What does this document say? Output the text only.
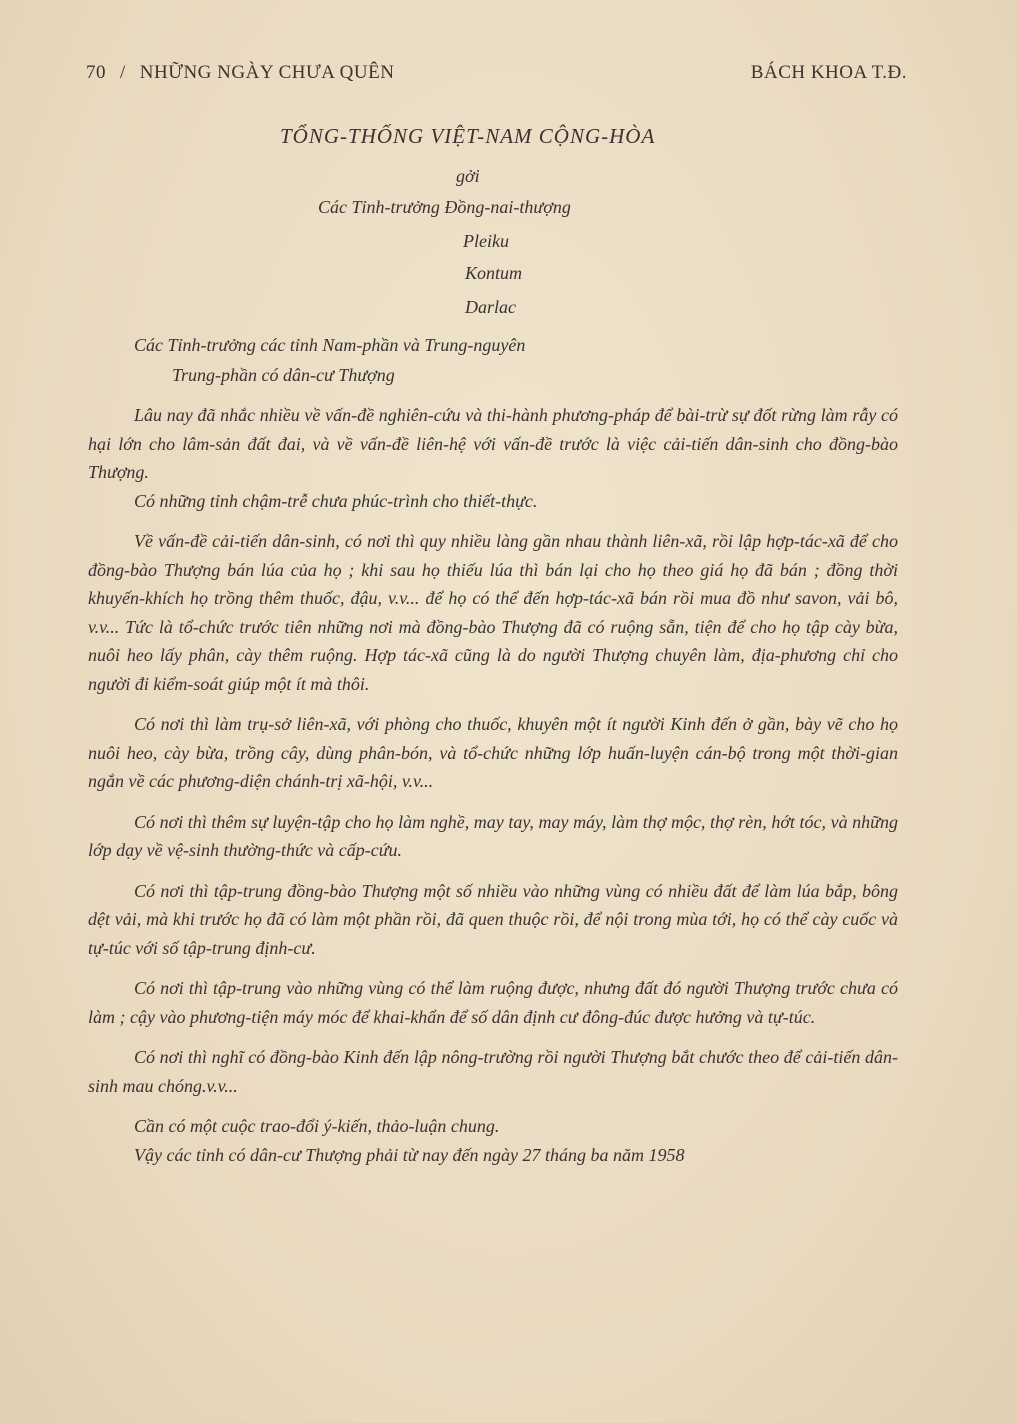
70 / NHỮNG NGÀY CHƯA QUÊN	BÁCH KHOA T.Đ.
TỔNG-THỐNG VIỆT-NAM CỘNG-HÒA
gởi
Các Tỉnh-trưởng Đồng-nai-thượng
Pleiku
Kontum
Darlac
Các Tỉnh-trưởng các tỉnh Nam-phần và Trung-nguyên
Trung-phần có dân-cư Thượng

Lâu nay đã nhắc nhiều về vấn-đề nghiên-cứu và thi-hành phương-pháp để bài-trừ sự đốt rừng làm rẫy có hại lớn cho lâm-sản đất đai, và về vấn-đề liên-hệ với vấn-đề trước là việc cải-tiến dân-sinh cho đồng-bào Thượng.

Có những tỉnh chậm-trễ chưa phúc-trình cho thiết-thực.

Về vấn-đề cải-tiến dân-sinh, có nơi thì quy nhiều làng gần nhau thành liên-xã, rồi lập hợp-tác-xã để cho đồng-bào Thượng bán lúa của họ ; khi sau họ thiếu lúa thì bán lại cho họ theo giá họ đã bán ; đồng thời khuyến-khích họ trồng thêm thuốc, đậu, v.v... để họ có thể đến hợp-tác-xã bán rồi mua đồ như savon, vải bô, v.v... Tức là tổ-chức trước tiên những nơi mà đồng-bào Thượng đã có ruộng sẵn, tiện để cho họ tập cày bừa, nuôi heo lấy phân, cày thêm ruộng. Hợp tác-xã cũng là do người Thượng chuyên làm, địa-phương chỉ cho người đi kiểm-soát giúp một ít mà thôi.

Có nơi thì làm trụ-sở liên-xã, với phòng cho thuốc, khuyên một ít người Kinh đến ở gần, bày vẽ cho họ nuôi heo, cày bừa, trồng cây, dùng phân-bón, và tổ-chức những lớp huấn-luyện cán-bộ trong một thời-gian ngắn về các phương-diện chánh-trị xã-hội, v.v...

Có nơi thì thêm sự luyện-tập cho họ làm nghề, may tay, may máy, làm thợ mộc, thợ rèn, hớt tóc, và những lớp dạy về vệ-sinh thường-thức và cấp-cứu.

Có nơi thì tập-trung đồng-bào Thượng một số nhiều vào những vùng có nhiều đất để làm lúa bắp, bông dệt vải, mà khi trước họ đã có làm một phần rồi, đã quen thuộc rồi, để nội trong mùa tới, họ có thể cày cuốc và tự-túc với số tập-trung định-cư.

Có nơi thì tập-trung vào những vùng có thể làm ruộng được, nhưng đất đó người Thượng trước chưa có làm ; cậy vào phương-tiện máy móc để khai-khẩn để số dân định cư đông-đúc được hưởng và tự-túc.

Có nơi thì nghĩ có đồng-bào Kinh đến lập nông-trường rồi người Thượng bắt chước theo để cải-tiến dân-sinh mau chóng.v.v...

Cần có một cuộc trao-đổi ý-kiến, thảo-luận chung.

Vậy các tỉnh có dân-cư Thượng phải từ nay đến ngày 27 tháng ba năm 1958
